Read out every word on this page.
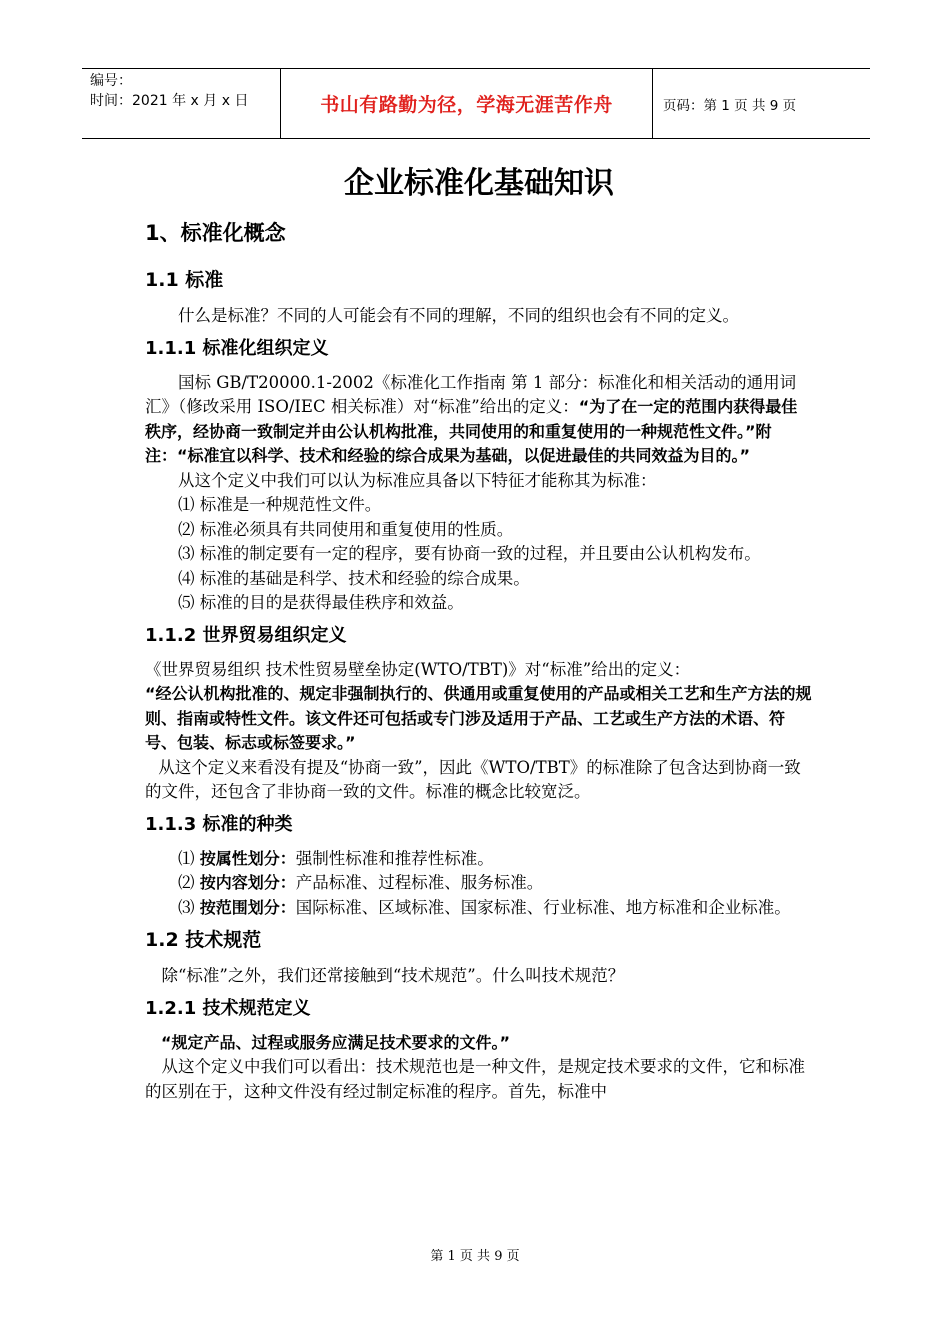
编号：
时间：2021 年 x 月 x 日	书山有路勤为径，学海无涯苦作舟	页码：第 1 页 共 9 页
企业标准化基础知识
1、标准化概念
1.1 标准

什么是标准？不同的人可能会有不同的理解，不同的组织也会有不同的定义。

1.1.1 标准化组织定义

国标 GB/T20000.1-2002《标准化工作指南 第 1 部分：标准化和相关活动的通用词汇》（修改采用 ISO/IEC 相关标准）对“标准”给出的定义：“为了在一定的范围内获得最佳秩序，经协商一致制定并由公认机构批准，共同使用的和重复使用的一种规范性文件。”附注：“标准宜以科学、技术和经验的综合成果为基础，以促进最佳的共同效益为目的。”

从这个定义中我们可以认为标准应具备以下特征才能称其为标准：

⑴ 标准是一种规范性文件。

⑵ 标准必须具有共同使用和重复使用的性质。

⑶ 标准的制定要有一定的程序，要有协商一致的过程，并且要由公认机构发布。

⑷ 标准的基础是科学、技术和经验的综合成果。

⑸ 标准的目的是获得最佳秩序和效益。

1.1.2 世界贸易组织定义

《世界贸易组织 技术性贸易壁垒协定(WTO/TBT)》对“标准”给出的定义：

“经公认机构批准的、规定非强制执行的、供通用或重复使用的产品或相关工艺和生产方法的规则、指南或特性文件。该文件还可包括或专门涉及适用于产品、工艺或生产方法的术语、符号、包装、标志或标签要求。”

从这个定义来看没有提及“协商一致”，因此《WTO/TBT》的标准除了包含达到协商一致的文件，还包含了非协商一致的文件。标准的概念比较宽泛。

1.1.3 标准的种类

⑴ 按属性划分：强制性标准和推荐性标准。

⑵ 按内容划分：产品标准、过程标准、服务标准。

⑶ 按范围划分：国际标准、区域标准、国家标准、行业标准、地方标准和企业标准。

1.2 技术规范

除“标准”之外，我们还常接触到“技术规范”。什么叫技术规范？

1.2.1 技术规范定义

“规定产品、过程或服务应满足技术要求的文件。”

从这个定义中我们可以看出：技术规范也是一种文件，是规定技术要求的文件，它和标准的区别在于，这种文件没有经过制定标准的程序。首先，标准中

第 1 页 共 9 页
